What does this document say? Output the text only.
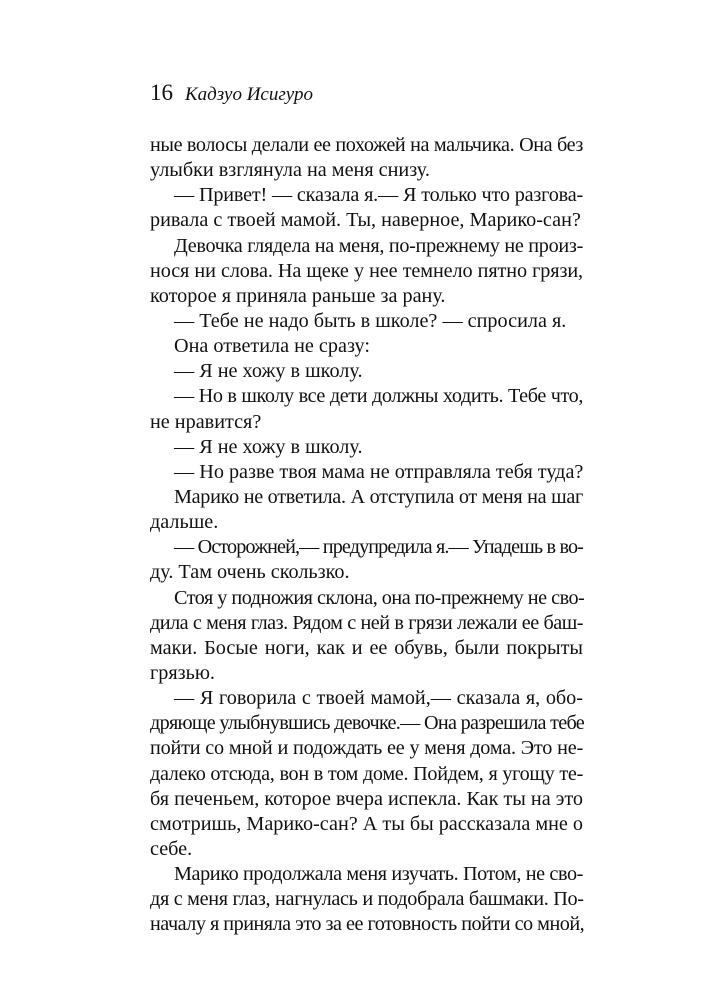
16 Кадзуо Исигуро
ные волосы делали ее похожей на мальчика. Она без
улыбки взглянула на меня снизу.
— Привет! — сказала я.— Я только что разгова-
ривала с твоей мамой. Ты, наверное, Марико-сан?
Девочка глядела на меня, по-прежнему не произ-
нося ни слова. На щеке у нее темнело пятно грязи,
которое я приняла раньше за рану.
— Тебе не надо быть в школе? — спросила я.
Она ответила не сразу:
— Я не хожу в школу.
— Но в школу все дети должны ходить. Тебе что,
не нравится?
— Я не хожу в школу.
— Но разве твоя мама не отправляла тебя туда?
Марико не ответила. А отступила от меня на шаг
дальше.
— Осторожней,— предупредила я.— Упадешь в во-
ду. Там очень скользко.
Стоя у подножия склона, она по-прежнему не сво-
дила с меня глаз. Рядом с ней в грязи лежали ее баш-
маки. Босые ноги, как и ее обувь, были покрыты
грязью.
— Я говорила с твоей мамой,— сказала я, обо-
дряюще улыбнувшись девочке.— Она разрешила тебе
пойти со мной и подождать ее у меня дома. Это не-
далеко отсюда, вон в том доме. Пойдем, я угощу те-
бя печеньем, которое вчера испекла. Как ты на это
смотришь, Марико-сан? А ты бы рассказала мне о
себе.
Марико продолжала меня изучать. Потом, не сво-
дя с меня глаз, нагнулась и подобрала башмаки. По-
началу я приняла это за ее готовность пойти со мной,
